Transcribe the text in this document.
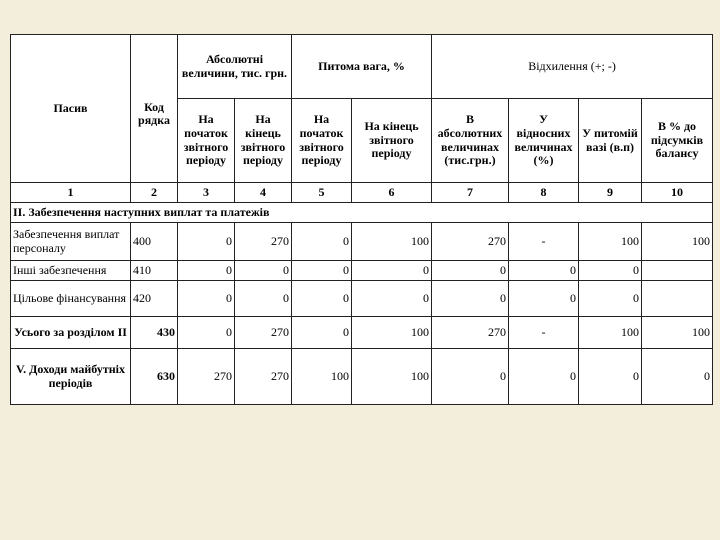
Пасив		Абсолютні величини, тис. грн.		Питома вага, %		Відхилення (+; -)			
	Код рядка	На початок звітного періоду	На кінець звітного періоду	На початок звітного періоду	На кінець звітного періоду	В абсолютних величинах (тис.грн.)	У відносних величинах (%)	У питомій вазі (в.п)	В % до підсумків балансу
1	2	3	4	5	6	7	8	9	10
ІІ. Забезпечення наступних виплат та платежів									
Забезпечення виплат персоналу	400	0	270	0	100	270	-	100	100
Інші забезпечення	410	0	0	0	0	0	0	0	
Цільове фінансування	420	0	0	0	0	0	0	0	
Усього за розділом ІІ	430	0	270	0	100	270	-	100	100
V. Доходи майбутніх періодів	630	270	270	100	100	0	0	0	0
